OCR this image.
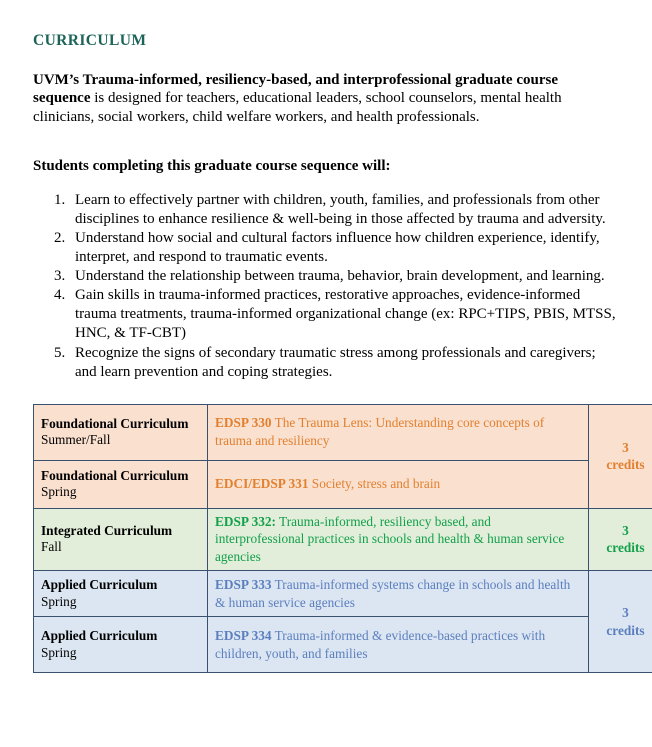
CURRICULUM

UVM’s Trauma-informed, resiliency-based, and interprofessional graduate course sequence is designed for teachers, educational leaders, school counselors, mental health clinicians, social workers, child welfare workers, and health professionals.

Students completing this graduate course sequence will:

1. Learn to effectively partner with children, youth, families, and professionals from other disciplines to enhance resilience & well-being in those affected by trauma and adversity.
2. Understand how social and cultural factors influence how children experience, identify, interpret, and respond to traumatic events.
3. Understand the relationship between trauma, behavior, brain development, and learning.
4. Gain skills in trauma-informed practices, restorative approaches, evidence-informed trauma treatments, trauma-informed organizational change (ex: RPC+TIPS, PBIS, MTSS, HNC, & TF-CBT)
5. Recognize the signs of secondary traumatic stress among professionals and caregivers; and learn prevention and coping strategies.
Foundational Curriculum
Summer/Fall	EDSP 330 The Trauma Lens: Understanding core concepts of trauma and resiliency	3
credits
Foundational Curriculum
Spring	EDCI/EDSP 331 Society, stress and brain	
Integrated Curriculum
Fall	EDSP 332: Trauma-informed, resiliency based, and interprofessional practices in schools and health & human service agencies	3
credits
Applied Curriculum
Spring	EDSP 333 Trauma-informed systems change in schools and health & human service agencies	3
credits
Applied Curriculum
Spring	EDSP 334 Trauma-informed & evidence-based practices with children, youth, and families	
